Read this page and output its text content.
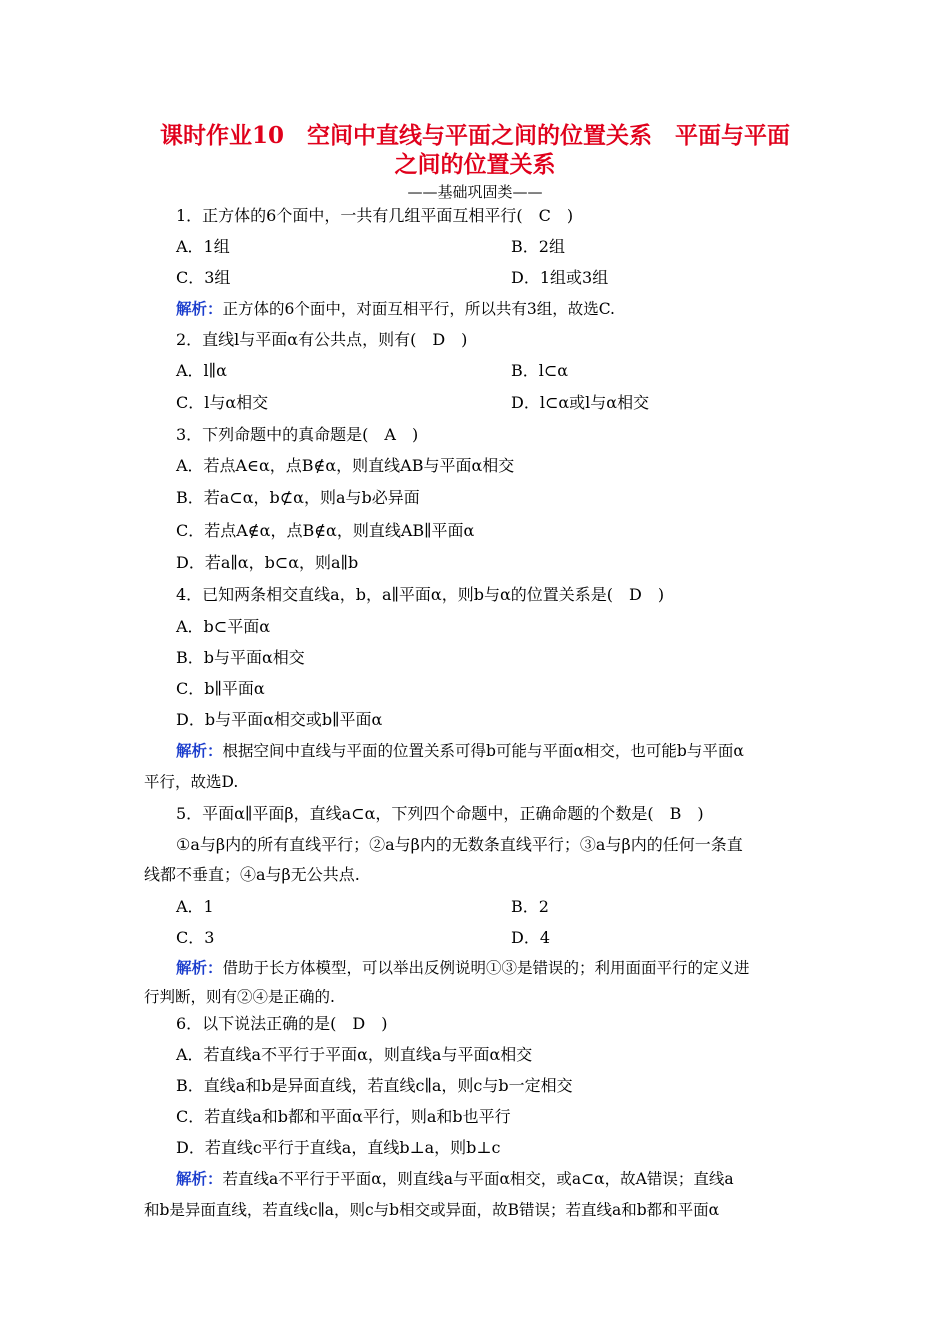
课时作业10　空间中直线与平面之间的位置关系　平面与平面
之间的位置关系
——基础巩固类——
1．正方体的6个面中，一共有几组平面互相平行(　C　)
A．1组	B．2组
C．3组	D．1组或3组
解析：正方体的6个面中，对面互相平行，所以共有3组，故选C.
2．直线l与平面α有公共点，则有(　D　)
A．l∥α	B．l⊂α
C．l与α相交	D．l⊂α或l与α相交
3．下列命题中的真命题是(　A　)
A．若点A∈α，点B∉α，则直线AB与平面α相交
B．若a⊂α，b⊄α，则a与b必异面
C．若点A∉α，点B∉α，则直线AB∥平面α
D．若a∥α，b⊂α，则a∥b
4．已知两条相交直线a，b，a∥平面α，则b与α的位置关系是(　D　)
A．b⊂平面α
B．b与平面α相交
C．b∥平面α
D．b与平面α相交或b∥平面α
解析：根据空间中直线与平面的位置关系可得b可能与平面α相交，也可能b与平面α
平行，故选D.
5．平面α∥平面β，直线a⊂α，下列四个命题中，正确命题的个数是(　B　)
①a与β内的所有直线平行；②a与β内的无数条直线平行；③a与β内的任何一条直
线都不垂直；④a与β无公共点.
A．1	B．2
C．3	D．4
解析：借助于长方体模型，可以举出反例说明①③是错误的；利用面面平行的定义进
行判断，则有②④是正确的.
6．以下说法正确的是(　D　)
A．若直线a不平行于平面α，则直线a与平面α相交
B．直线a和b是异面直线，若直线c∥a，则c与b一定相交
C．若直线a和b都和平面α平行，则a和b也平行
D．若直线c平行于直线a，直线b⊥a，则b⊥c
解析：若直线a不平行于平面α，则直线a与平面α相交，或a⊂α，故A错误；直线a
和b是异面直线，若直线c∥a，则c与b相交或异面，故B错误；若直线a和b都和平面α
